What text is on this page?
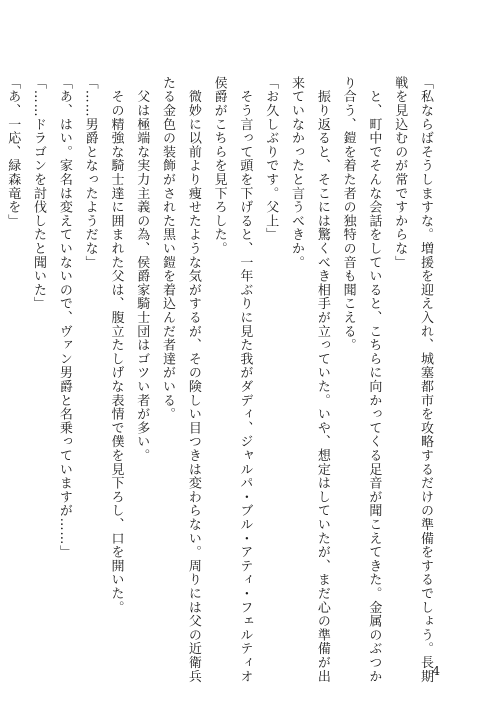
「私ならばそうしますな。増援を迎え入れ、城塞都市を攻略するだけの準備をするでしょう。長期
戦を見込むのが常ですからな」
　と、町中でそんな会話をしていると、こちらに向かってくる足音が聞こえてきた。金属のぶつか
り合う、鎧を着た者の独特の音も聞こえる。
　振り返ると、そこには驚くべき相手が立っていた。いや、想定はしていたが、まだ心の準備が出
来ていなかったと言うべきか。
「お久しぶりです。父上」
　そう言って頭を下げると、一年ぶりに見た我がダディ、ジャルパ・ブル・アティ・フェルティオ
侯爵がこちらを見下ろした。
　微妙に以前より痩せたような気がするが、その険しい目つきは変わらない。周りには父の近衛兵
たる金色の装飾がされた黒い鎧を着込んだ者達がいる。
　父は極端な実力主義の為、侯爵家騎士団はゴツい者が多い。
　その精強な騎士達に囲まれた父は、腹立たしげな表情で僕を見下ろし、口を開いた。
「……男爵となったようだな」
「あ、はい。家名は変えていないので、ヴァン男爵と名乗っていますが……」
「……ドラゴンを討伐したと聞いた」
「あ、一応、緑森竜を」
4
